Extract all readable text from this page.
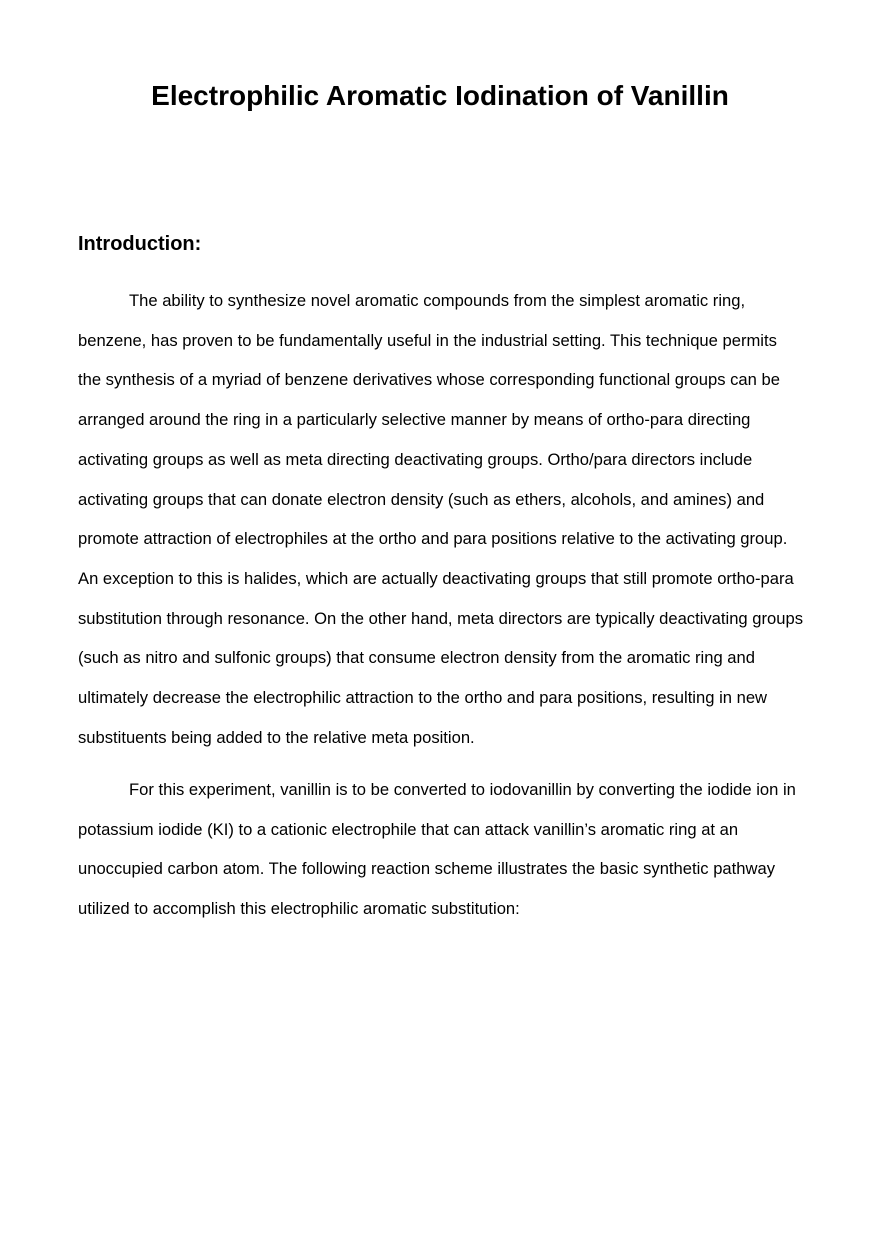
Electrophilic Aromatic Iodination of Vanillin
Introduction:

The ability to synthesize novel aromatic compounds from the simplest aromatic ring, benzene, has proven to be fundamentally useful in the industrial setting. This technique permits the synthesis of a myriad of benzene derivatives whose corresponding functional groups can be arranged around the ring in a particularly selective manner by means of ortho-para directing activating groups as well as meta directing deactivating groups. Ortho/para directors include activating groups that can donate electron density (such as ethers, alcohols, and amines) and promote attraction of electrophiles at the ortho and para positions relative to the activating group. An exception to this is halides, which are actually deactivating groups that still promote ortho-para substitution through resonance. On the other hand, meta directors are typically deactivating groups (such as nitro and sulfonic groups) that consume electron density from the aromatic ring and ultimately decrease the electrophilic attraction to the ortho and para positions, resulting in new substituents being added to the relative meta position.

For this experiment, vanillin is to be converted to iodovanillin by converting the iodide ion in potassium iodide (KI) to a cationic electrophile that can attack vanillin’s aromatic ring at an unoccupied carbon atom. The following reaction scheme illustrates the basic synthetic pathway utilized to accomplish this electrophilic aromatic substitution:
